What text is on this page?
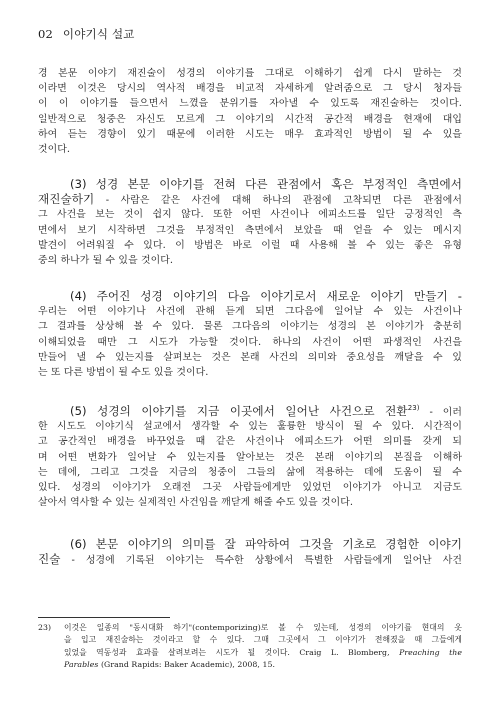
02 이야기식 설교
경 본문 이야기 재진술이 성경의 이야기를 그대로 이해하기 쉽게 다시 말하는 것
이라면 이것은 당시의 역사적 배경을 비교적 자세하게 알려줌으로 그 당시 청자들
이 이 이야기를 들으면서 느꼈을 분위기를 자아낼 수 있도록 재진술하는 것이다.
일반적으로 청중은 자신도 모르게 그 이야기의 시간적 공간적 배경을 현재에 대입
하여 듣는 경향이 있기 때문에 이러한 시도는 매우 효과적인 방법이 될 수 있을
것이다.
(3) 성경 본문 이야기를 전혀 다른 관점에서 혹은 부정적인 측면에서
재진술하기 - 사람은 같은 사건에 대해 하나의 관점에 고착되면 다른 관점에서
그 사건을 보는 것이 쉽지 않다. 또한 어떤 사건이나 에피소드를 일단 긍정적인 측
면에서 보기 시작하면 그것을 부정적인 측면에서 보았을 때 얻을 수 있는 메시지
발견이 어려워질 수 있다. 이 방법은 바로 이럴 때 사용해 볼 수 있는 좋은 유형
중의 하나가 될 수 있을 것이다.
(4) 주어진 성경 이야기의 다음 이야기로서 새로운 이야기 만들기 -
우리는 어떤 이야기나 사건에 관해 듣게 되면 그다음에 일어날 수 있는 사건이나
그 결과를 상상해 볼 수 있다. 물론 그다음의 이야기는 성경의 본 이야기가 충분히
이해되었을 때만 그 시도가 가능할 것이다. 하나의 사건이 어떤 파생적인 사건을
만들어 낼 수 있는지를 살펴보는 것은 본래 사건의 의미와 중요성을 깨달을 수 있
는 또 다른 방법이 될 수도 있을 것이다.
(5) 성경의 이야기를 지금 이곳에서 일어난 사건으로 전환$^{23)}$ - 이러
한 시도도 이야기식 설교에서 생각할 수 있는 훌륭한 방식이 될 수 있다. 시간적이
고 공간적인 배경을 바꾸었을 때 같은 사건이나 에피소드가 어떤 의미를 갖게 되
며 어떤 변화가 일어날 수 있는지를 알아보는 것은 본래 이야기의 본질을 이해하
는 데에, 그리고 그것을 지금의 청중이 그들의 삶에 적용하는 데에 도움이 될 수
있다. 성경의 이야기가 오래전 그곳 사람들에게만 있었던 이야기가 아니고 지금도
살아서 역사할 수 있는 실제적인 사건임을 깨닫게 해줄 수도 있을 것이다.
(6) 본문 이야기의 의미를 잘 파악하여 그것을 기초로 경험한 이야기
진술 - 성경에 기록된 이야기는 특수한 상황에서 특별한 사람들에게 일어난 사건
23) 이것은 일종의 "동시대화 하기"(contemporizing)로 볼 수 있는데, 성경의 이야기를 현대의 옷
을 입고 재진술하는 것이라고 할 수 있다. 그때 그곳에서 그 이야기가 전해졌을 때 그들에게
있었을 역동성과 효과를 살려보려는 시도가 될 것이다. Craig L. Blomberg, Preaching the
Parables (Grand Rapids: Baker Academic), 2008, 15.
